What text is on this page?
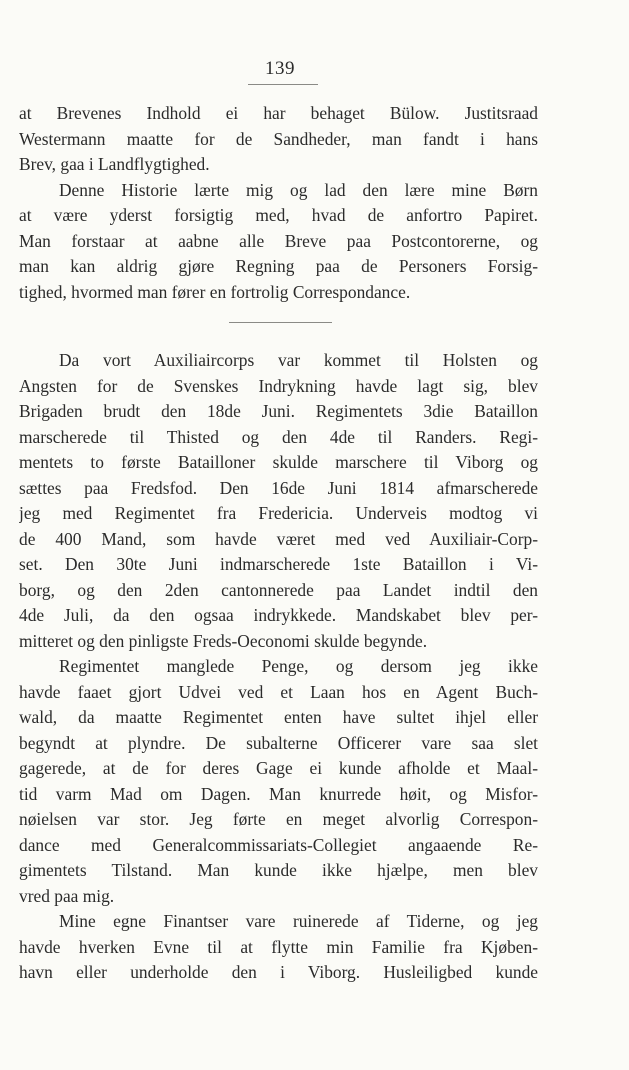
139
at Brevenes Indhold ei har behaget Bülow. Justitsraad
Westermann maatte for de Sandheder, man fandt i hans
Brev, gaa i Landflygtighed.
Denne Historie lærte mig og lad den lære mine Børn
at være yderst forsigtig med, hvad de anfortro Papiret.
Man forstaar at aabne alle Breve paa Postcontorerne, og
man kan aldrig gjøre Regning paa de Personers Forsig-
tighed, hvormed man fører en fortrolig Correspondance.
Da vort Auxiliaircorps var kommet til Holsten og
Angsten for de Svenskes Indrykning havde lagt sig, blev
Brigaden brudt den 18de Juni. Regimentets 3die Bataillon
marscherede til Thisted og den 4de til Randers. Regi-
mentets to første Batailloner skulde marschere til Viborg og
sættes paa Fredsfod. Den 16de Juni 1814 afmarscherede
jeg med Regimentet fra Fredericia. Underveis modtog vi
de 400 Mand, som havde været med ved Auxiliair-Corp-
set. Den 30te Juni indmarscherede 1ste Bataillon i Vi-
borg, og den 2den cantonnerede paa Landet indtil den
4de Juli, da den ogsaa indrykkede. Mandskabet blev per-
mitteret og den pinligste Freds-Oeconomi skulde begynde.
Regimentet manglede Penge, og dersom jeg ikke
havde faaet gjort Udvei ved et Laan hos en Agent Buch-
wald, da maatte Regimentet enten have sultet ihjel eller
begyndt at plyndre. De subalterne Officerer vare saa slet
gagerede, at de for deres Gage ei kunde afholde et Maal-
tid varm Mad om Dagen. Man knurrede høit, og Misfor-
nøielsen var stor. Jeg førte en meget alvorlig Correspon-
dance med Generalcommissariats-Collegiet angaaende Re-
gimentets Tilstand. Man kunde ikke hjælpe, men blev
vred paa mig.
Mine egne Finantser vare ruinerede af Tiderne, og jeg
havde hverken Evne til at flytte min Familie fra Kjøben-
havn eller underholde den i Viborg. Husleiligbed kunde
